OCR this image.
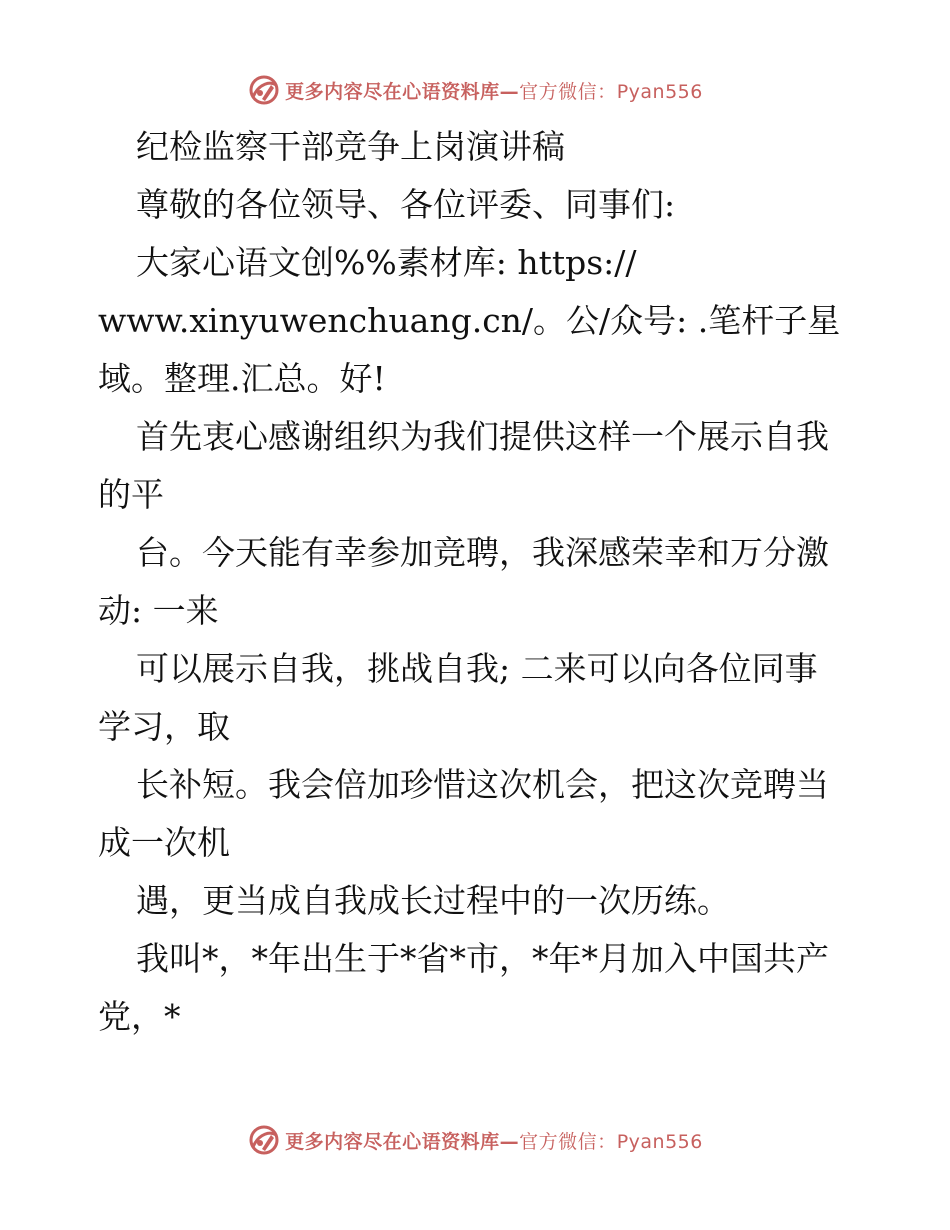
更多内容尽在心语资料库—官方微信：Pyan556
纪检监察干部竞争上岗演讲稿
尊敬的各位领导、各位评委、同事们:
大家心语文创%%素材库: https://
www.xinyuwenchuang.cn/。公/众号: .笔杆子星
域。整理.汇总。好!
首先衷心感谢组织为我们提供这样一个展示自我
的平
台。今天能有幸参加竞聘，我深感荣幸和万分激
动: 一来
可以展示自我，挑战自我; 二来可以向各位同事
学习，取
长补短。我会倍加珍惜这次机会，把这次竞聘当
成一次机
遇，更当成自我成长过程中的一次历练。
我叫*，*年出生于*省*市，*年*月加入中国共产
党，*
更多内容尽在心语资料库—官方微信：Pyan556
